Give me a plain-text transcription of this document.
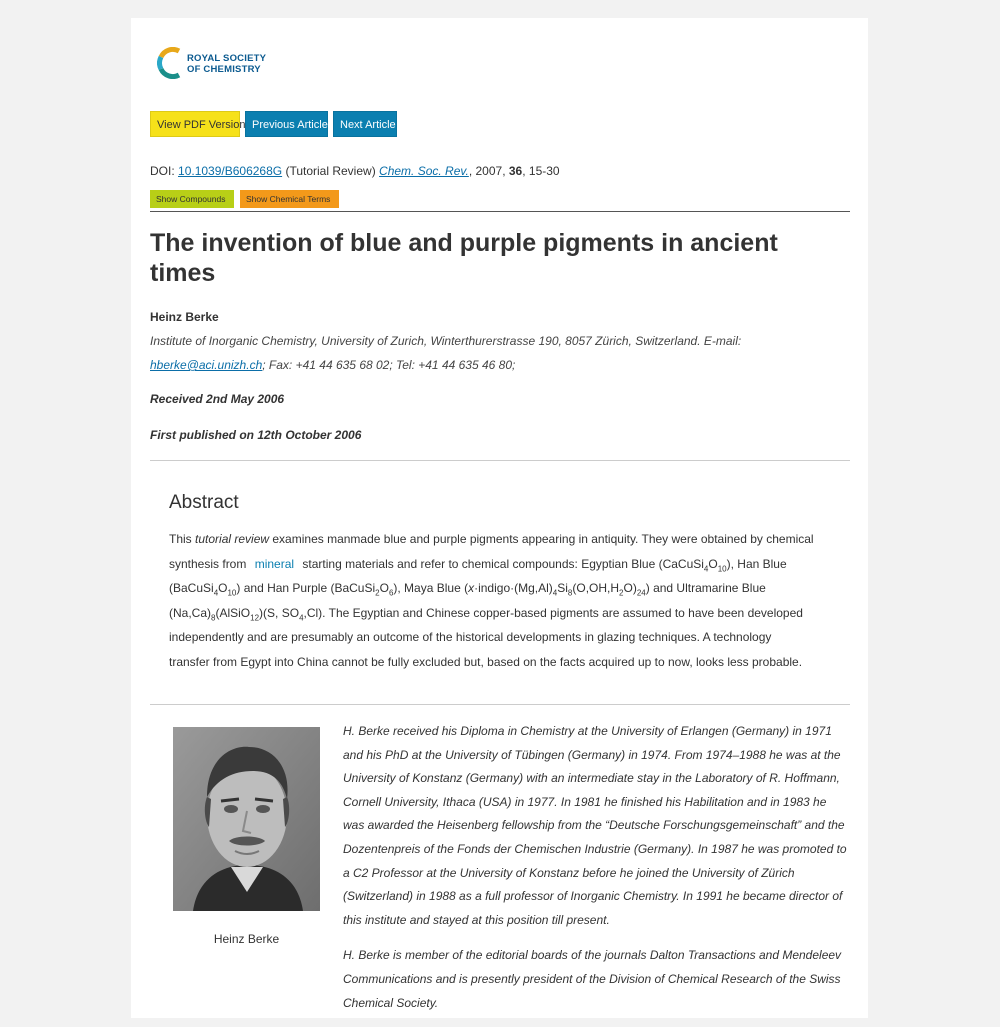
ROYAL SOCIETY
OF CHEMISTRY
View PDF Version Previous Article	Next Article
DOI: 10.1039/B606268G (Tutorial Review) Chem. Soc. Rev., 2007, 36, 15-30
Show Compounds	Show Chemical Terms
The invention of blue and purple pigments in ancient times
Heinz Berke
Institute of Inorganic Chemistry, University of Zurich, Winterthurerstrasse 190, 8057 Zürich, Switzerland. E-mail: hberke@aci.unizh.ch; Fax: +41 44 635 68 02; Tel: +41 44 635 46 80;
Received 2nd May 2006
First published on 12th October 2006
Abstract
This tutorial review examines manmade blue and purple pigments appearing in antiquity. They were obtained by chemical synthesis from mineral starting materials and refer to chemical compounds: Egyptian Blue $(CaCuSi_4O_{10})$, Han Blue $(BaCuSi_4O_{10})$ and Han Purple $(BaCuSi_2O_6)$, Maya Blue $(x\cdot indigo\cdot(Mg,Al)_4Si_8(O,OH,H_2O)_{24})$ and Ultramarine Blue $(Na,Ca)_8(AlSiO_{12})(S$, $SO_4,Cl$). The Egyptian and Chinese copper-based pigments are assumed to have been developed independently and are presumably an outcome of the historical developments in glazing techniques. A technology transfer from Egypt into China cannot be fully excluded but, based on the facts acquired up to now, looks less probable.
Heinz Berke

H. Berke received his Diploma in Chemistry at the University of Erlangen (Germany) in 1971 and his PhD at the University of Tübingen (Germany) in 1974. From 1974–1988 he was at the University of Konstanz (Germany) with an intermediate stay in the Laboratory of R. Hoffmann, Cornell University, Ithaca (USA) in 1977. In 1981 he finished his Habilitation and in 1983 he was awarded the Heisenberg fellowship from the “Deutsche Forschungsgemeinschaft” and the Dozentenpreis of the Fonds der Chemischen Industrie (Germany). In 1987 he was promoted to a C2 Professor at the University of Konstanz before he joined the University of Zürich (Switzerland) in 1988 as a full professor of Inorganic Chemistry. In 1991 he became director of this institute and stayed at this position till present.

H. Berke is member of the editorial boards of the journals Dalton Transactions and Mendeleev Communications and is presently president of the Division of Chemical Research of the Swiss Chemical Society.
